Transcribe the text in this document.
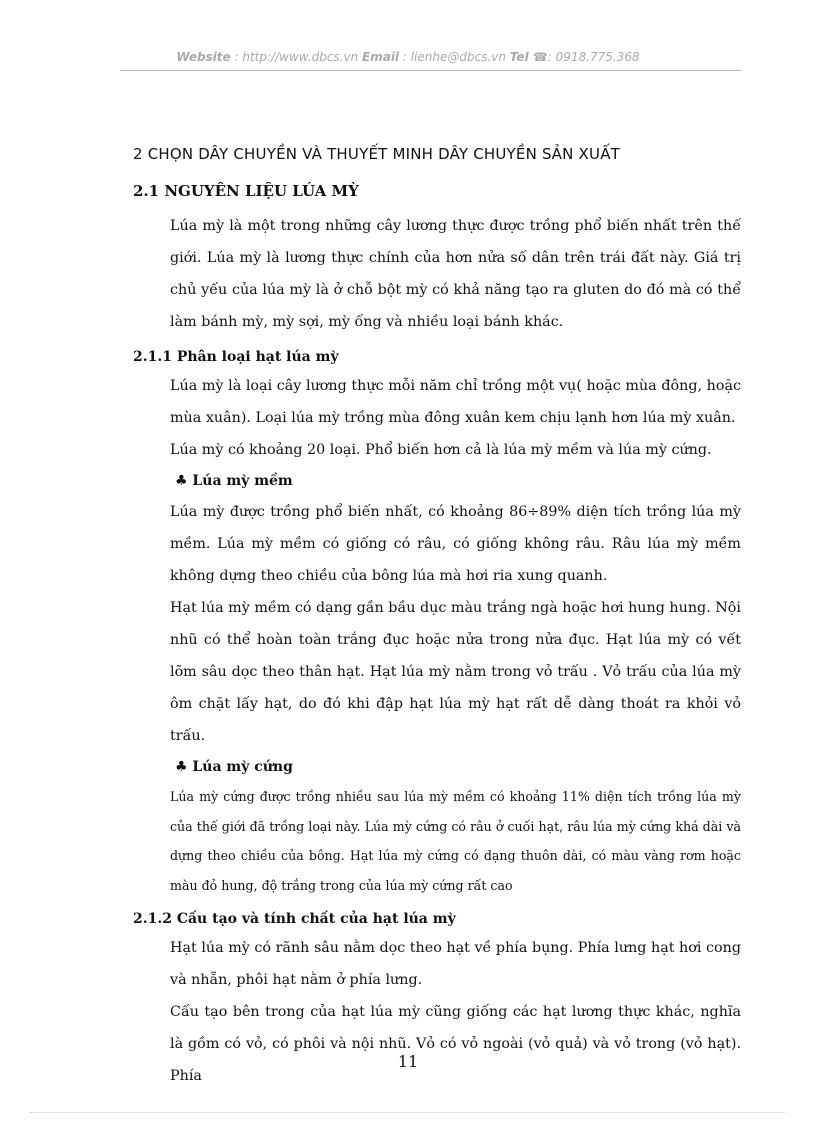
Website : http://www.dbcs.vn Email : lienhe@dbcs.vn Tel ☎: 0918.775.368
2 CHỌN DÂY CHUYỀN VÀ THUYẾT MINH DÂY CHUYỀN SẢN XUẤT
2.1 NGUYÊN LIỆU LÚA MỲ

Lúa mỳ là một trong những cây lương thực được trồng phổ biến nhất trên thế giới. Lúa mỳ là lương thực chính của hơn nửa số dân trên trái đất này. Giá trị chủ yếu của lúa mỳ là ở chỗ bột mỳ có khả năng tạo ra gluten do đó mà có thể làm bánh mỳ, mỳ sợi, mỳ ống và nhiều loại bánh khác.

2.1.1 Phân loại hạt lúa mỳ

Lúa mỳ là loại cây lương thực mỗi năm chỉ trồng một vụ( hoặc mùa đông, hoặc mùa xuân). Loại lúa mỳ trồng mùa đông xuân kem chịu lạnh hơn lúa mỳ xuân.

Lúa mỳ có khoảng 20 loại. Phổ biến hơn cả là lúa mỳ mềm và lúa mỳ cứng.

♣ Lúa mỳ mềm

Lúa mỳ được trồng phổ biến nhất, có khoảng 86÷89% diện tích trồng lúa mỳ mềm. Lúa mỳ mềm có giống có râu, có giống không râu. Râu lúa mỳ mềm không dựng theo chiều của bông lúa mà hơi ria xung quanh.

Hạt lúa mỳ mềm có dạng gần bầu dục màu trắng ngà hoặc hơi hung hung. Nội nhũ có thể hoàn toàn trắng đục hoặc nửa trong nửa đục. Hạt lúa mỳ có vết lõm sâu dọc theo thân hạt. Hạt lúa mỳ nằm trong vỏ trấu . Vỏ trấu của lúa mỳ ôm chặt lấy hạt, do đó khi đập hạt lúa mỳ hạt rất dễ dàng thoát ra khỏi vỏ trấu.

♣ Lúa mỳ cứng

Lúa mỳ cứng được trồng nhiều sau lúa mỳ mềm có khoảng 11% diện tích trồng lúa mỳ của thế giới đã trồng loại này. Lúa mỳ cứng có râu ở cuối hạt, râu lúa mỳ cứng khá dài và dựng theo chiều của bông. Hạt lúa mỳ cứng có dạng thuôn dài, có màu vàng rơm hoặc màu đỏ hung, độ trắng trong của lúa mỳ cứng rất cao

2.1.2 Cấu tạo và tính chất của hạt lúa mỳ

Hạt lúa mỳ có rãnh sâu nằm dọc theo hạt về phía bụng. Phía lưng hạt hơi cong và nhẵn, phôi hạt nằm ở phía lưng.

Cấu tạo bên trong của hạt lúa mỳ cũng giống các hạt lương thực khác, nghĩa là gồm có vỏ, có phôi và nội nhũ. Vỏ có vỏ ngoài (vỏ quả) và vỏ trong (vỏ hạt). Phía

11
